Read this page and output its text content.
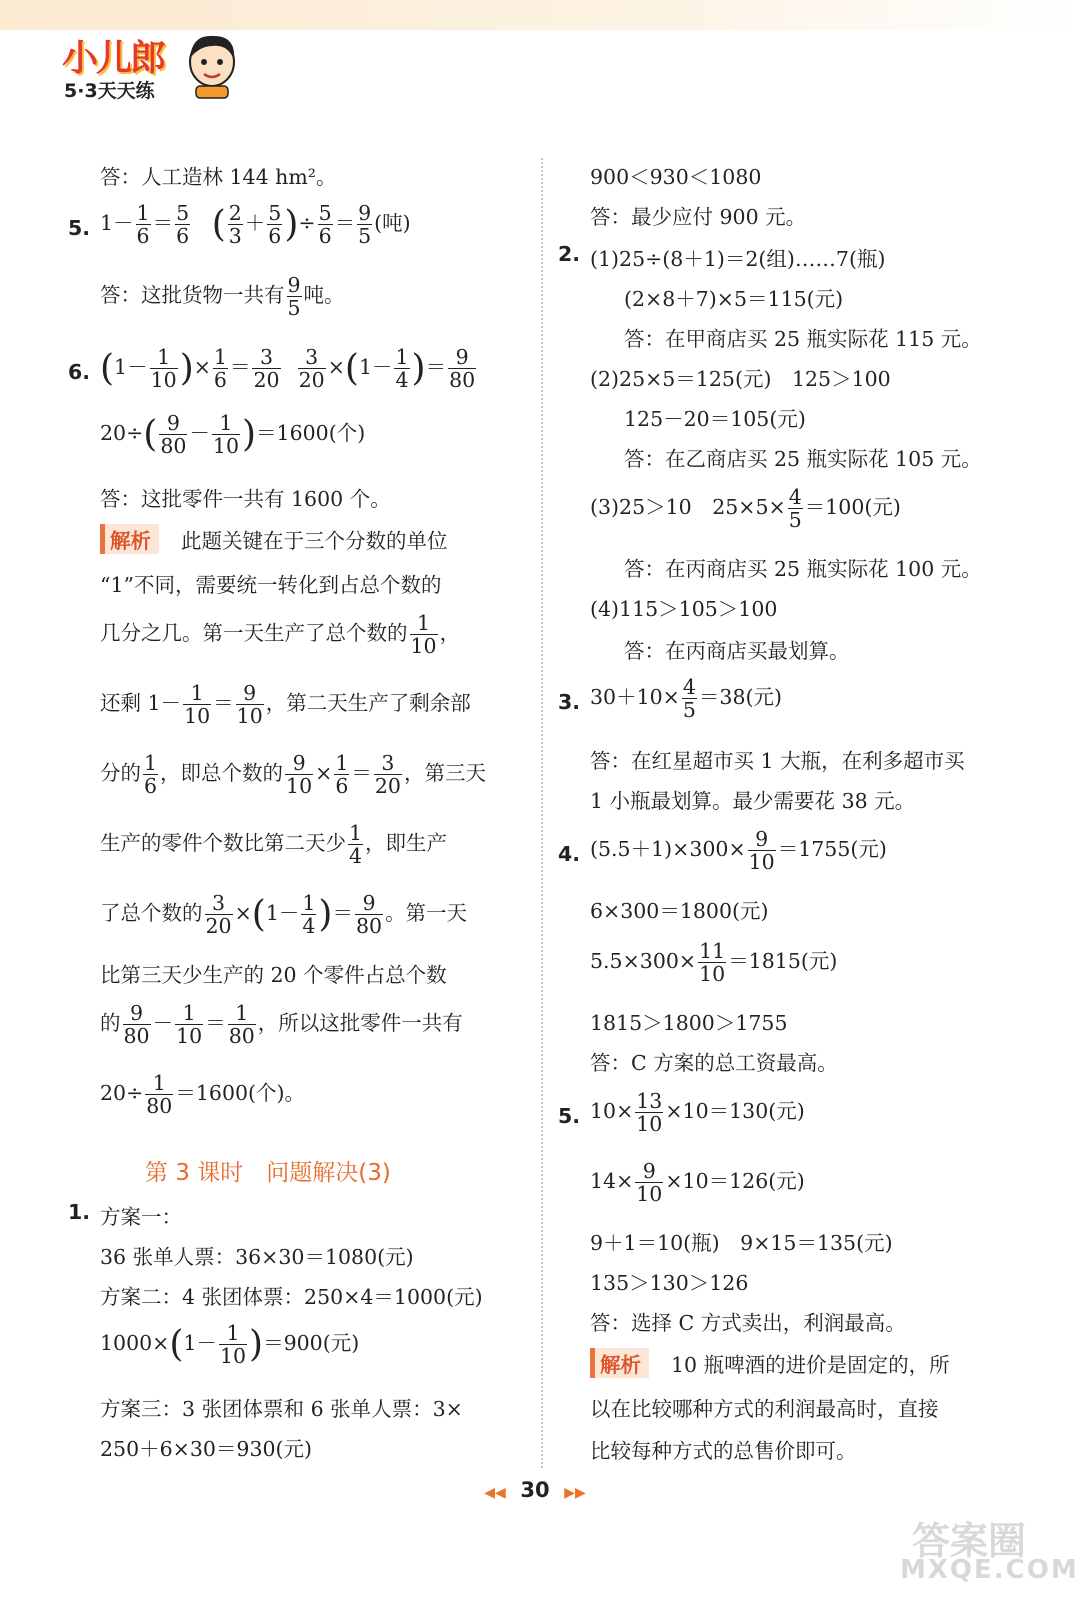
小儿郎
5·3天天练
答：人工造林 144 hm²。
5. $1- \frac{1}{6} = \frac{5}{6}$ ( $\frac{2}{3} + \frac{5}{6}$ )÷ $\frac{5}{6} = \frac{9}{5}$ (吨)
答：这批货物一共有 $\frac{9}{5}$ 吨。
6. ($1- \frac{1}{10}$ )× $\frac{1}{6} = \frac{3}{20}$
$\frac{3}{20} \times(1- \frac{1}{4}$ )＝ $\frac{9}{80}$
$20\div( \frac{9}{80} - \frac{1}{10} )=1600$(个)
答：这批零件一共有 1600 个。
解析 此题关键在于三个分数的单位
“1”不同，需要统一转化到占总个数的
几分之几。第一天生产了总个数的 $\frac{1}{10}$ ，
还剩 $1- \frac{1}{10} = \frac{9}{10}$ ，第二天生产了剩余部
分的 $\frac{1}{6}$ ，即总个数的 $\frac{9}{10} \times \frac{1}{6} = \frac{3}{20}$ ，第三天
生产的零件个数比第二天少 $\frac{1}{4}$ ，即生产
了总个数的 $\frac{3}{20} \times(1- \frac{1}{4}$ )＝ $\frac{9}{80}$ 。第一天
比第三天少生产的 20 个零件占总个数
的 $\frac{9}{80} - \frac{1}{10} = \frac{1}{80}$ ，所以这批零件一共有
$20\div \frac{1}{80} =1600$(个)。
1. 方案一：
36 张单人票：36×30＝1080(元)
方案二：4 张团体票：250×4＝1000(元)
$1000\times(1- \frac{1}{10} )=900$(元)
方案三：3 张团体票和 6 张单人票：3×
250＋6×30＝930(元)
第 3 课时　问题解决(3)
900＜930＜1080
答：最少应付 900 元。
2. (1)25÷(8＋1)＝2(组)……7(瓶)
(2×8＋7)×5＝115(元)
答：在甲商店买 25 瓶实际花 115 元。
(2)25×5＝125(元)　125＞100
125－20＝105(元)
答：在乙商店买 25 瓶实际花 105 元。
(3)25＞10　$25\times 5\times \frac{4}{5} =100$(元)
答：在丙商店买 25 瓶实际花 100 元。
(4)115＞105＞100
答：在丙商店买最划算。
3. $30+10\times \frac{4}{5} =38$(元)
答：在红星超市买 1 大瓶，在利多超市买
1 小瓶最划算。最少需要花 38 元。
4. $(5.5+1)\times 300\times \frac{9}{10} =1755$(元)
6×300＝1800(元)
$5.5\times 300\times \frac{11}{10} =1815$(元)
1815＞1800＞1755
答：C 方案的总工资最高。
5. $10\times \frac{13}{10} \times 10=130$(元)
$14\times \frac{9}{10} \times 10=126$(元)
9＋1＝10(瓶)　9×15＝135(元)
135＞130＞126
答：选择 C 方式卖出，利润最高。
解析 10 瓶啤酒的进价是固定的，所
以在比较哪种方式的利润最高时，直接
比较每种方式的总售价即可。
◀◀ 30 ▶▶
答案圈
MXQE.COM
